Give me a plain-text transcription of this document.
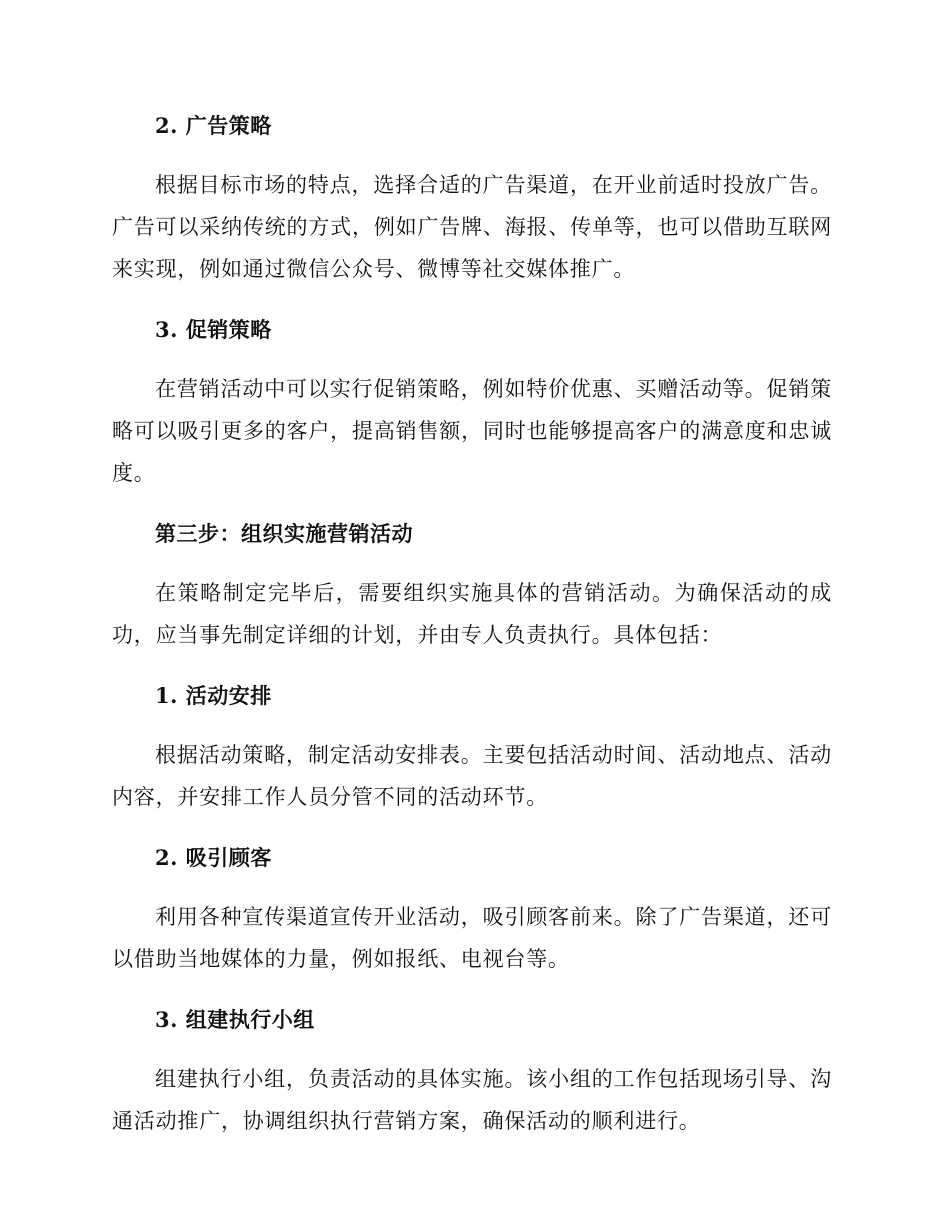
2. 广告策略

根据目标市场的特点，选择合适的广告渠道，在开业前适时投放广告。广告可以采纳传统的方式，例如广告牌、海报、传单等，也可以借助互联网来实现，例如通过微信公众号、微博等社交媒体推广。

3. 促销策略

在营销活动中可以实行促销策略，例如特价优惠、买赠活动等。促销策略可以吸引更多的客户，提高销售额，同时也能够提高客户的满意度和忠诚度。

第三步：组织实施营销活动

在策略制定完毕后，需要组织实施具体的营销活动。为确保活动的成功，应当事先制定详细的计划，并由专人负责执行。具体包括：

1. 活动安排

根据活动策略，制定活动安排表。主要包括活动时间、活动地点、活动内容，并安排工作人员分管不同的活动环节。

2. 吸引顾客

利用各种宣传渠道宣传开业活动，吸引顾客前来。除了广告渠道，还可以借助当地媒体的力量，例如报纸、电视台等。

3. 组建执行小组

组建执行小组，负责活动的具体实施。该小组的工作包括现场引导、沟通活动推广，协调组织执行营销方案，确保活动的顺利进行。
